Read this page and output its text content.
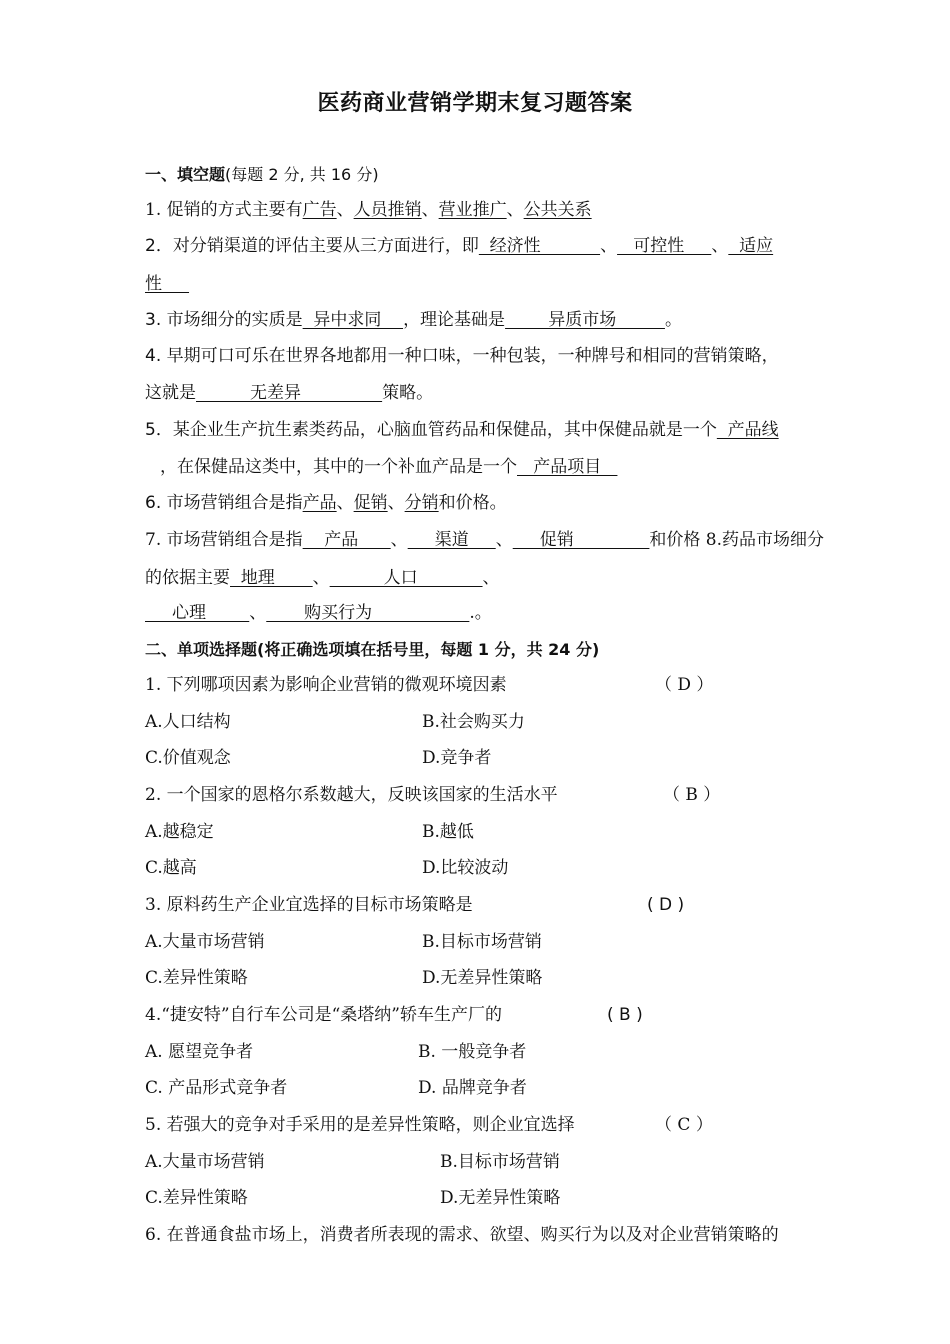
医药商业营销学期末复习题答案
一、填空题(每题 2 分, 共 16 分)
1. 促销的方式主要有广告、人员推销、营业推广、公共关系
2．对分销渠道的评估主要从三方面进行，即  经济性           、   可控性     、  适应
性
3. 市场细分的实质是  异中求同    ，理论基础是        异质市场         。
4. 早期可口可乐在世界各地都用一种口味，一种包装，一种牌号和相同的营销策略，
这就是          无差异               策略。
5．某企业生产抗生素类药品，心脑血管药品和保健品，其中保健品就是一个  产品线
，在保健品这类中，其中的一个补血产品是一个   产品项目
6. 市场营销组合是指产品、促销、分销和价格。
7. 市场营销组合是指    产品      、     渠道     、     促销              和价格 8.药品市场细分
的依据主要  地理       、          人口            、
心理        、       购买行为                  .。
二、单项选择题(将正确选项填在括号里，每题 1 分，共 24 分)
1. 下列哪项因素为影响企业营销的微观环境因素	（ D ）
A.人口结构	B.社会购买力
C.价值观念	D.竞争者
2. 一个国家的恩格尔系数越大，反映该国家的生活水平	（ B ）
A.越稳定	B.越低
C.越高	D.比较波动
3. 原料药生产企业宜选择的目标市场策略是	( D )
A.大量市场营销	B.目标市场营销
C.差异性策略	D.无差异性策略
4.“捷安特”自行车公司是“桑塔纳”轿车生产厂的	( B )
A. 愿望竞争者	B. 一般竞争者
C. 产品形式竞争者	D. 品牌竞争者
5. 若强大的竞争对手采用的是差异性策略，则企业宜选择	（ C ）
A.大量市场营销	B.目标市场营销
C.差异性策略	D.无差异性策略
6. 在普通食盐市场上，消费者所表现的需求、欲望、购买行为以及对企业营销策略的
